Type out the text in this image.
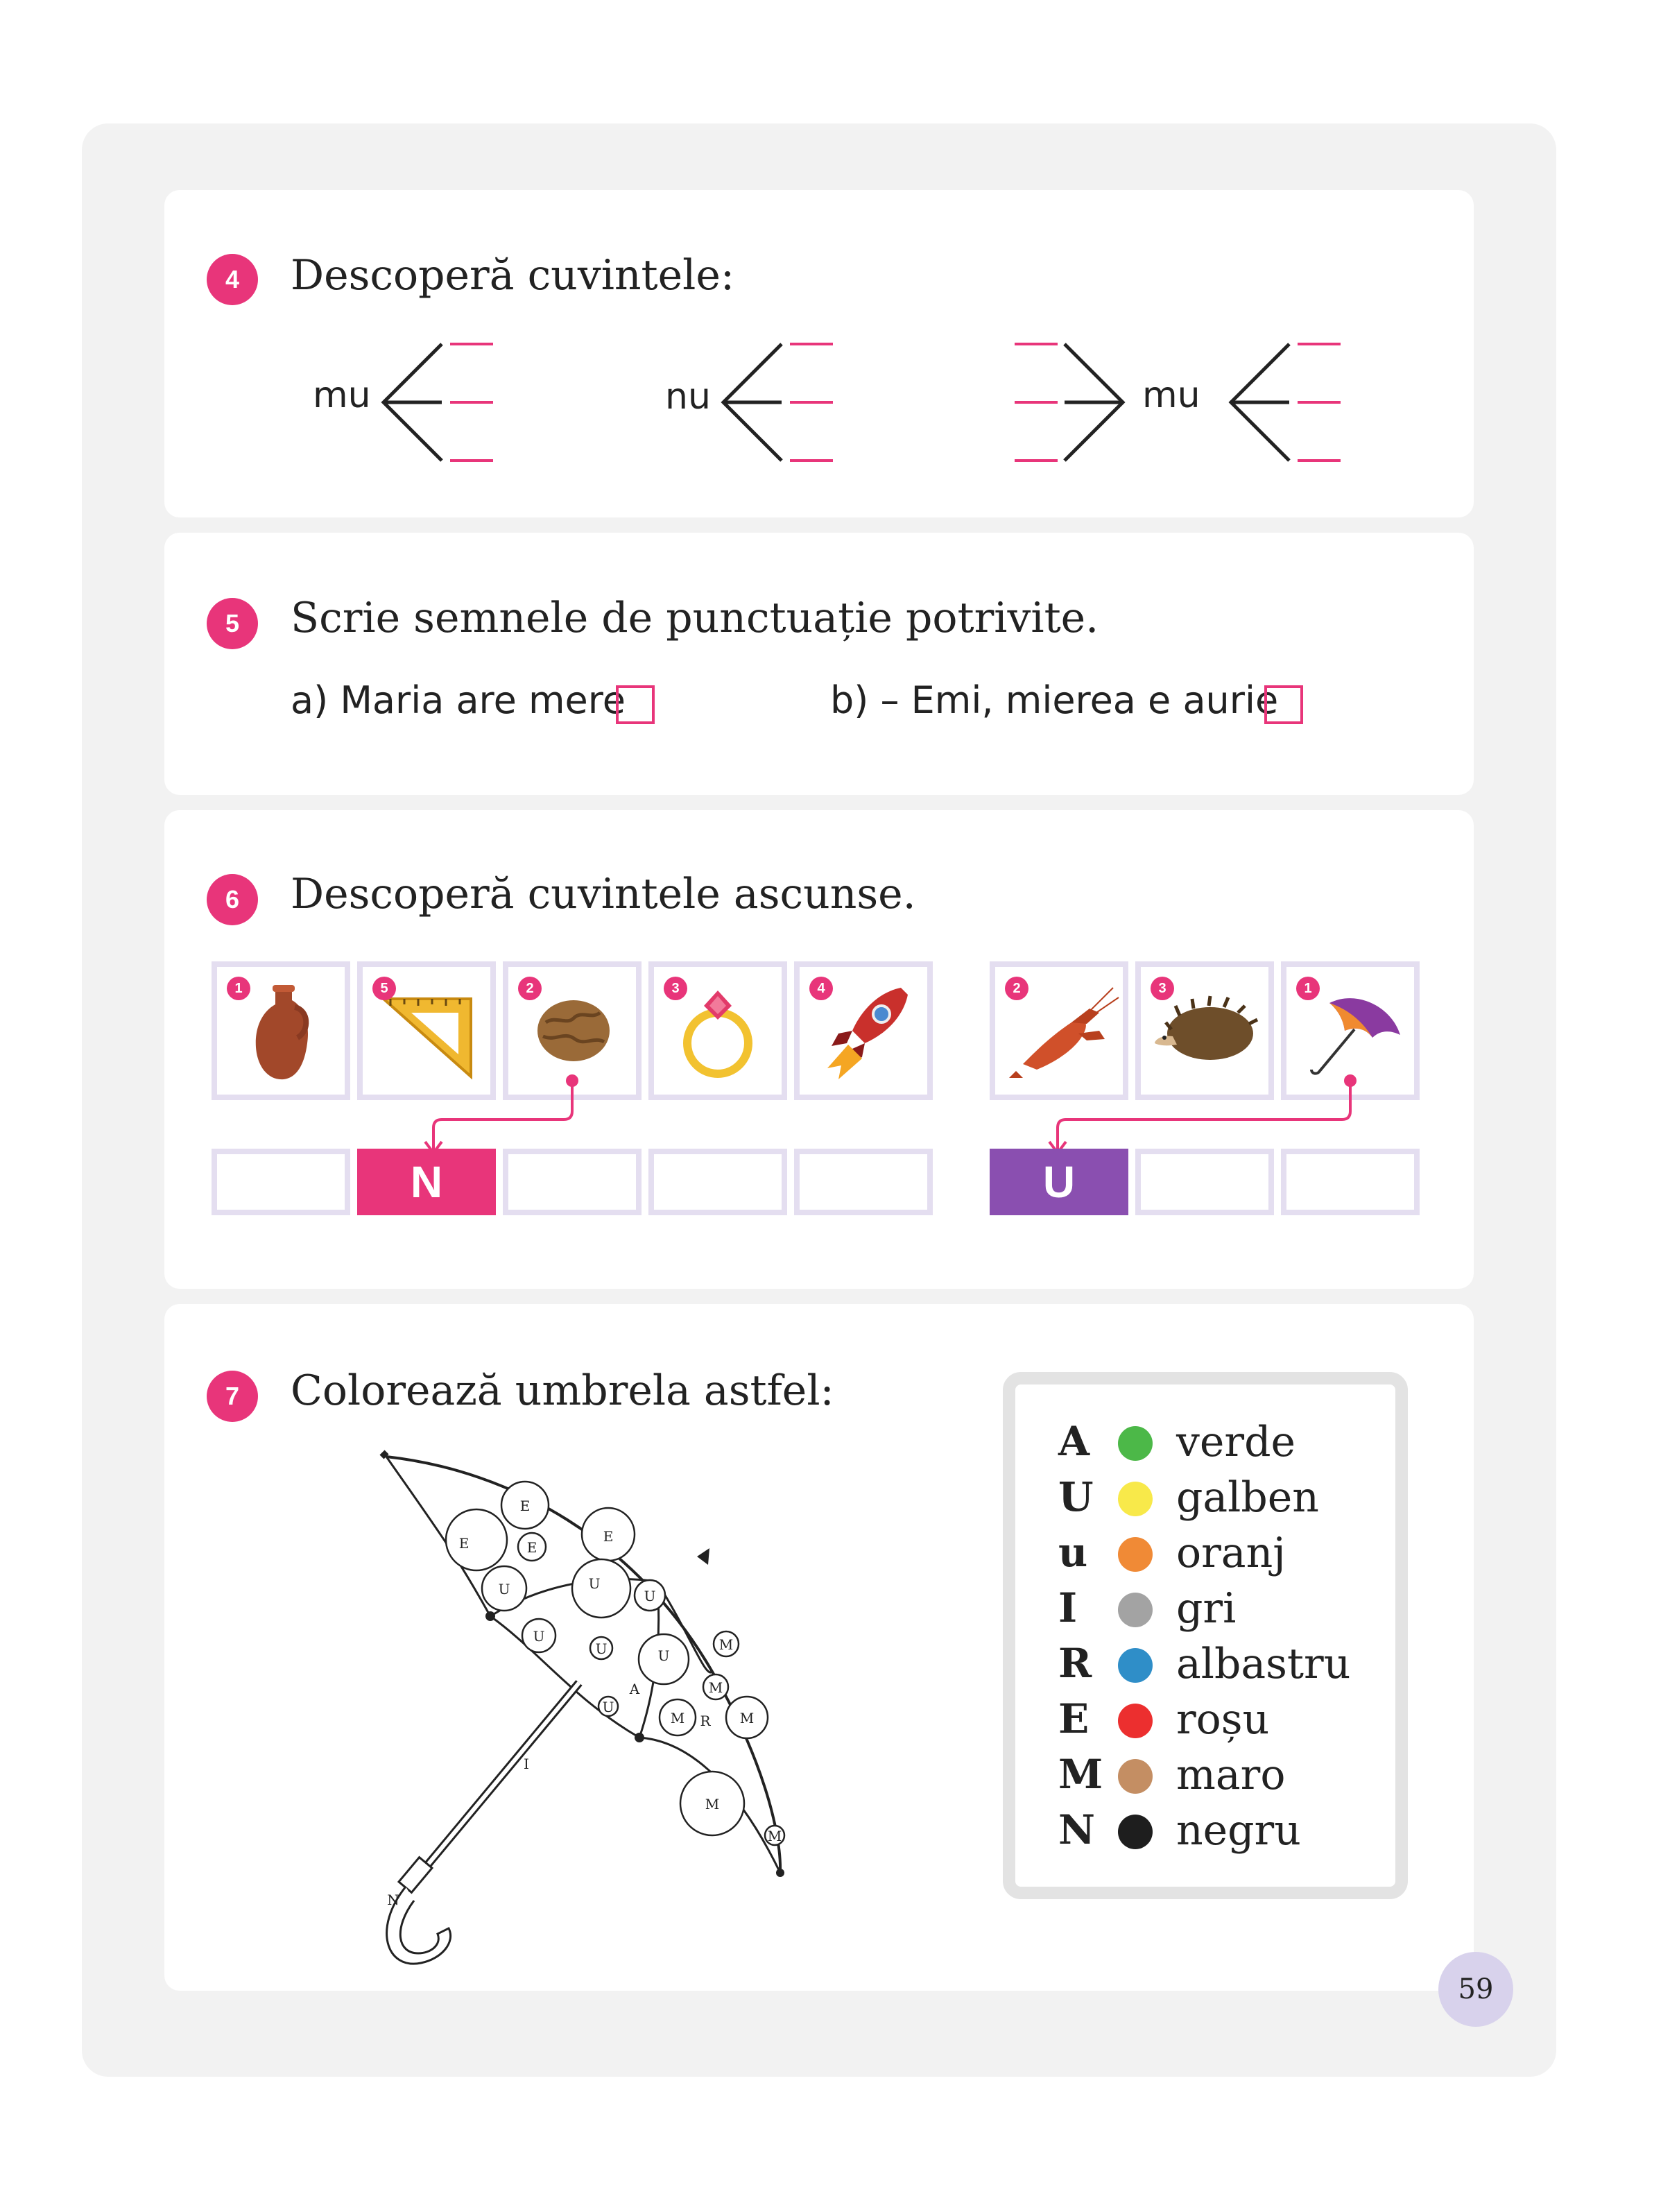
4	Descoperă cuvintele:
mu	nu	mu
5	Scrie semnele de punctuație potrivite.
a) Maria are mere	b) – Emi, mierea e aurie
6	Descoperă cuvintele ascunse.
1	5	2	3	4	2	3	1
N	U
7	Colorează umbrela astfel:
E
E	E
E
U	U
U
U
U	U
A
U
M
M
M
R
M
M
M
I
N
A verde
U galben
u oranj
I gri
R albastru
E roșu
M maro
N negru
59
